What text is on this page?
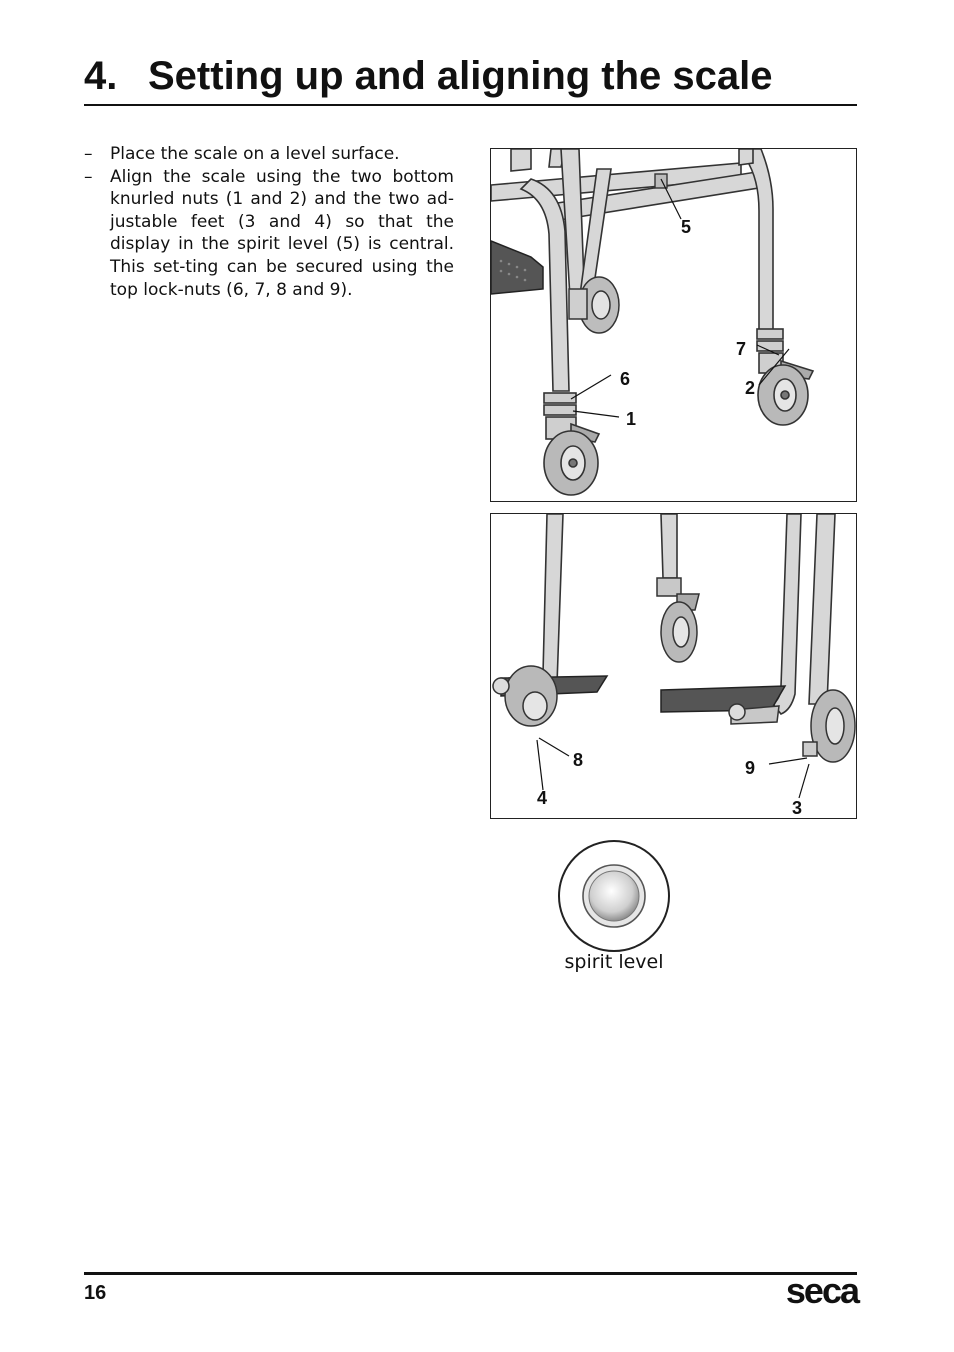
4. Setting up and aligning the scale
– Place the scale on a level surface.
– Align the scale using the two bottom knurled nuts (1 and 2) and the two ad-justable feet (3 and 4) so that the display in the spirit level (5) is central. This set-ting can be secured using the top lock-nuts (6, 7, 8 and 9).
5
7
6	2
1
8	9
4	3
spirit level
16	seca
